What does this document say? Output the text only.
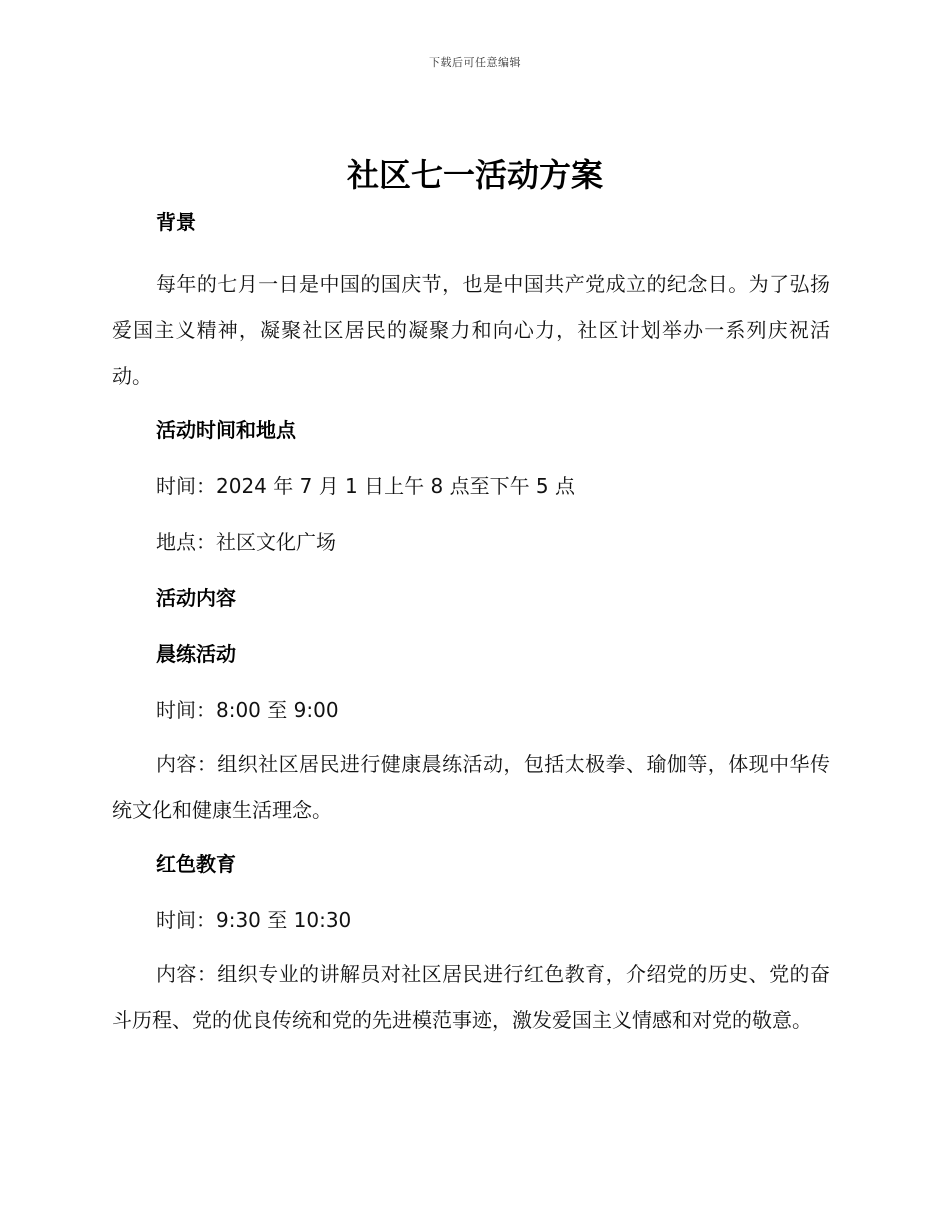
下载后可任意编辑
社区七一活动方案

背景

每年的七月一日是中国的国庆节，也是中国共产党成立的纪念日。为了弘扬爱国主义精神，凝聚社区居民的凝聚力和向心力，社区计划举办一系列庆祝活动。

活动时间和地点

时间：2024 年 7 月 1 日上午 8 点至下午 5 点

地点：社区文化广场

活动内容

晨练活动

时间：8:00 至 9:00

内容：组织社区居民进行健康晨练活动，包括太极拳、瑜伽等，体现中华传统文化和健康生活理念。

红色教育

时间：9:30 至 10:30

内容：组织专业的讲解员对社区居民进行红色教育，介绍党的历史、党的奋斗历程、党的优良传统和党的先进模范事迹，激发爱国主义情感和对党的敬意。
